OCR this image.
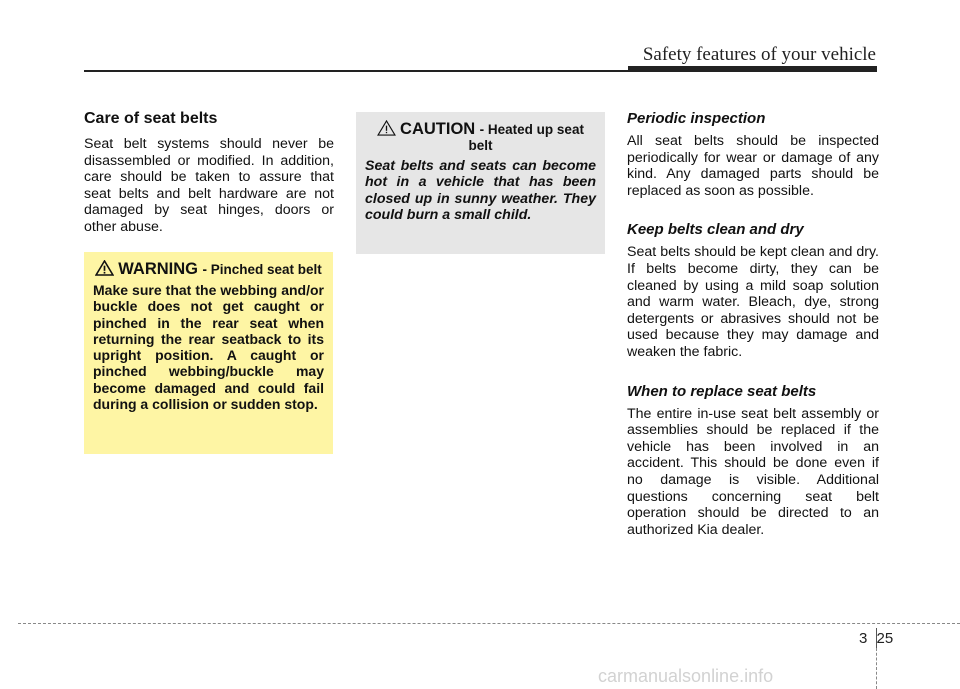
Safety features of your vehicle
Care of seat belts

Seat belt systems should never be disassembled or modified. In addition, care should be taken to assure that seat belts and belt hardware are not damaged by seat hinges, doors or other abuse.

WARNING - Pinched seat belt

Make sure that the webbing and/or buckle does not get caught or pinched in the rear seat when returning the rear seatback to its upright position. A caught or pinched webbing/buckle may become damaged and could fail during a collision or sudden stop.

CAUTION - Heated up seat belt

Seat belts and seats can become hot in a vehicle that has been closed up in sunny weather. They could burn a small child.

Periodic inspection

All seat belts should be inspected periodically for wear or damage of any kind. Any damaged parts should be replaced as soon as possible.

Keep belts clean and dry

Seat belts should be kept clean and dry. If belts become dirty, they can be cleaned by using a mild soap solution and warm water. Bleach, dye, strong detergents or abrasives should not be used because they may damage and weaken the fabric.

When to replace seat belts

The entire in-use seat belt assembly or assemblies should be replaced if the vehicle has been involved in an accident. This should be done even if no damage is visible. Additional questions concerning seat belt operation should be directed to an authorized Kia dealer.

3 25
carmanualsonline.info
